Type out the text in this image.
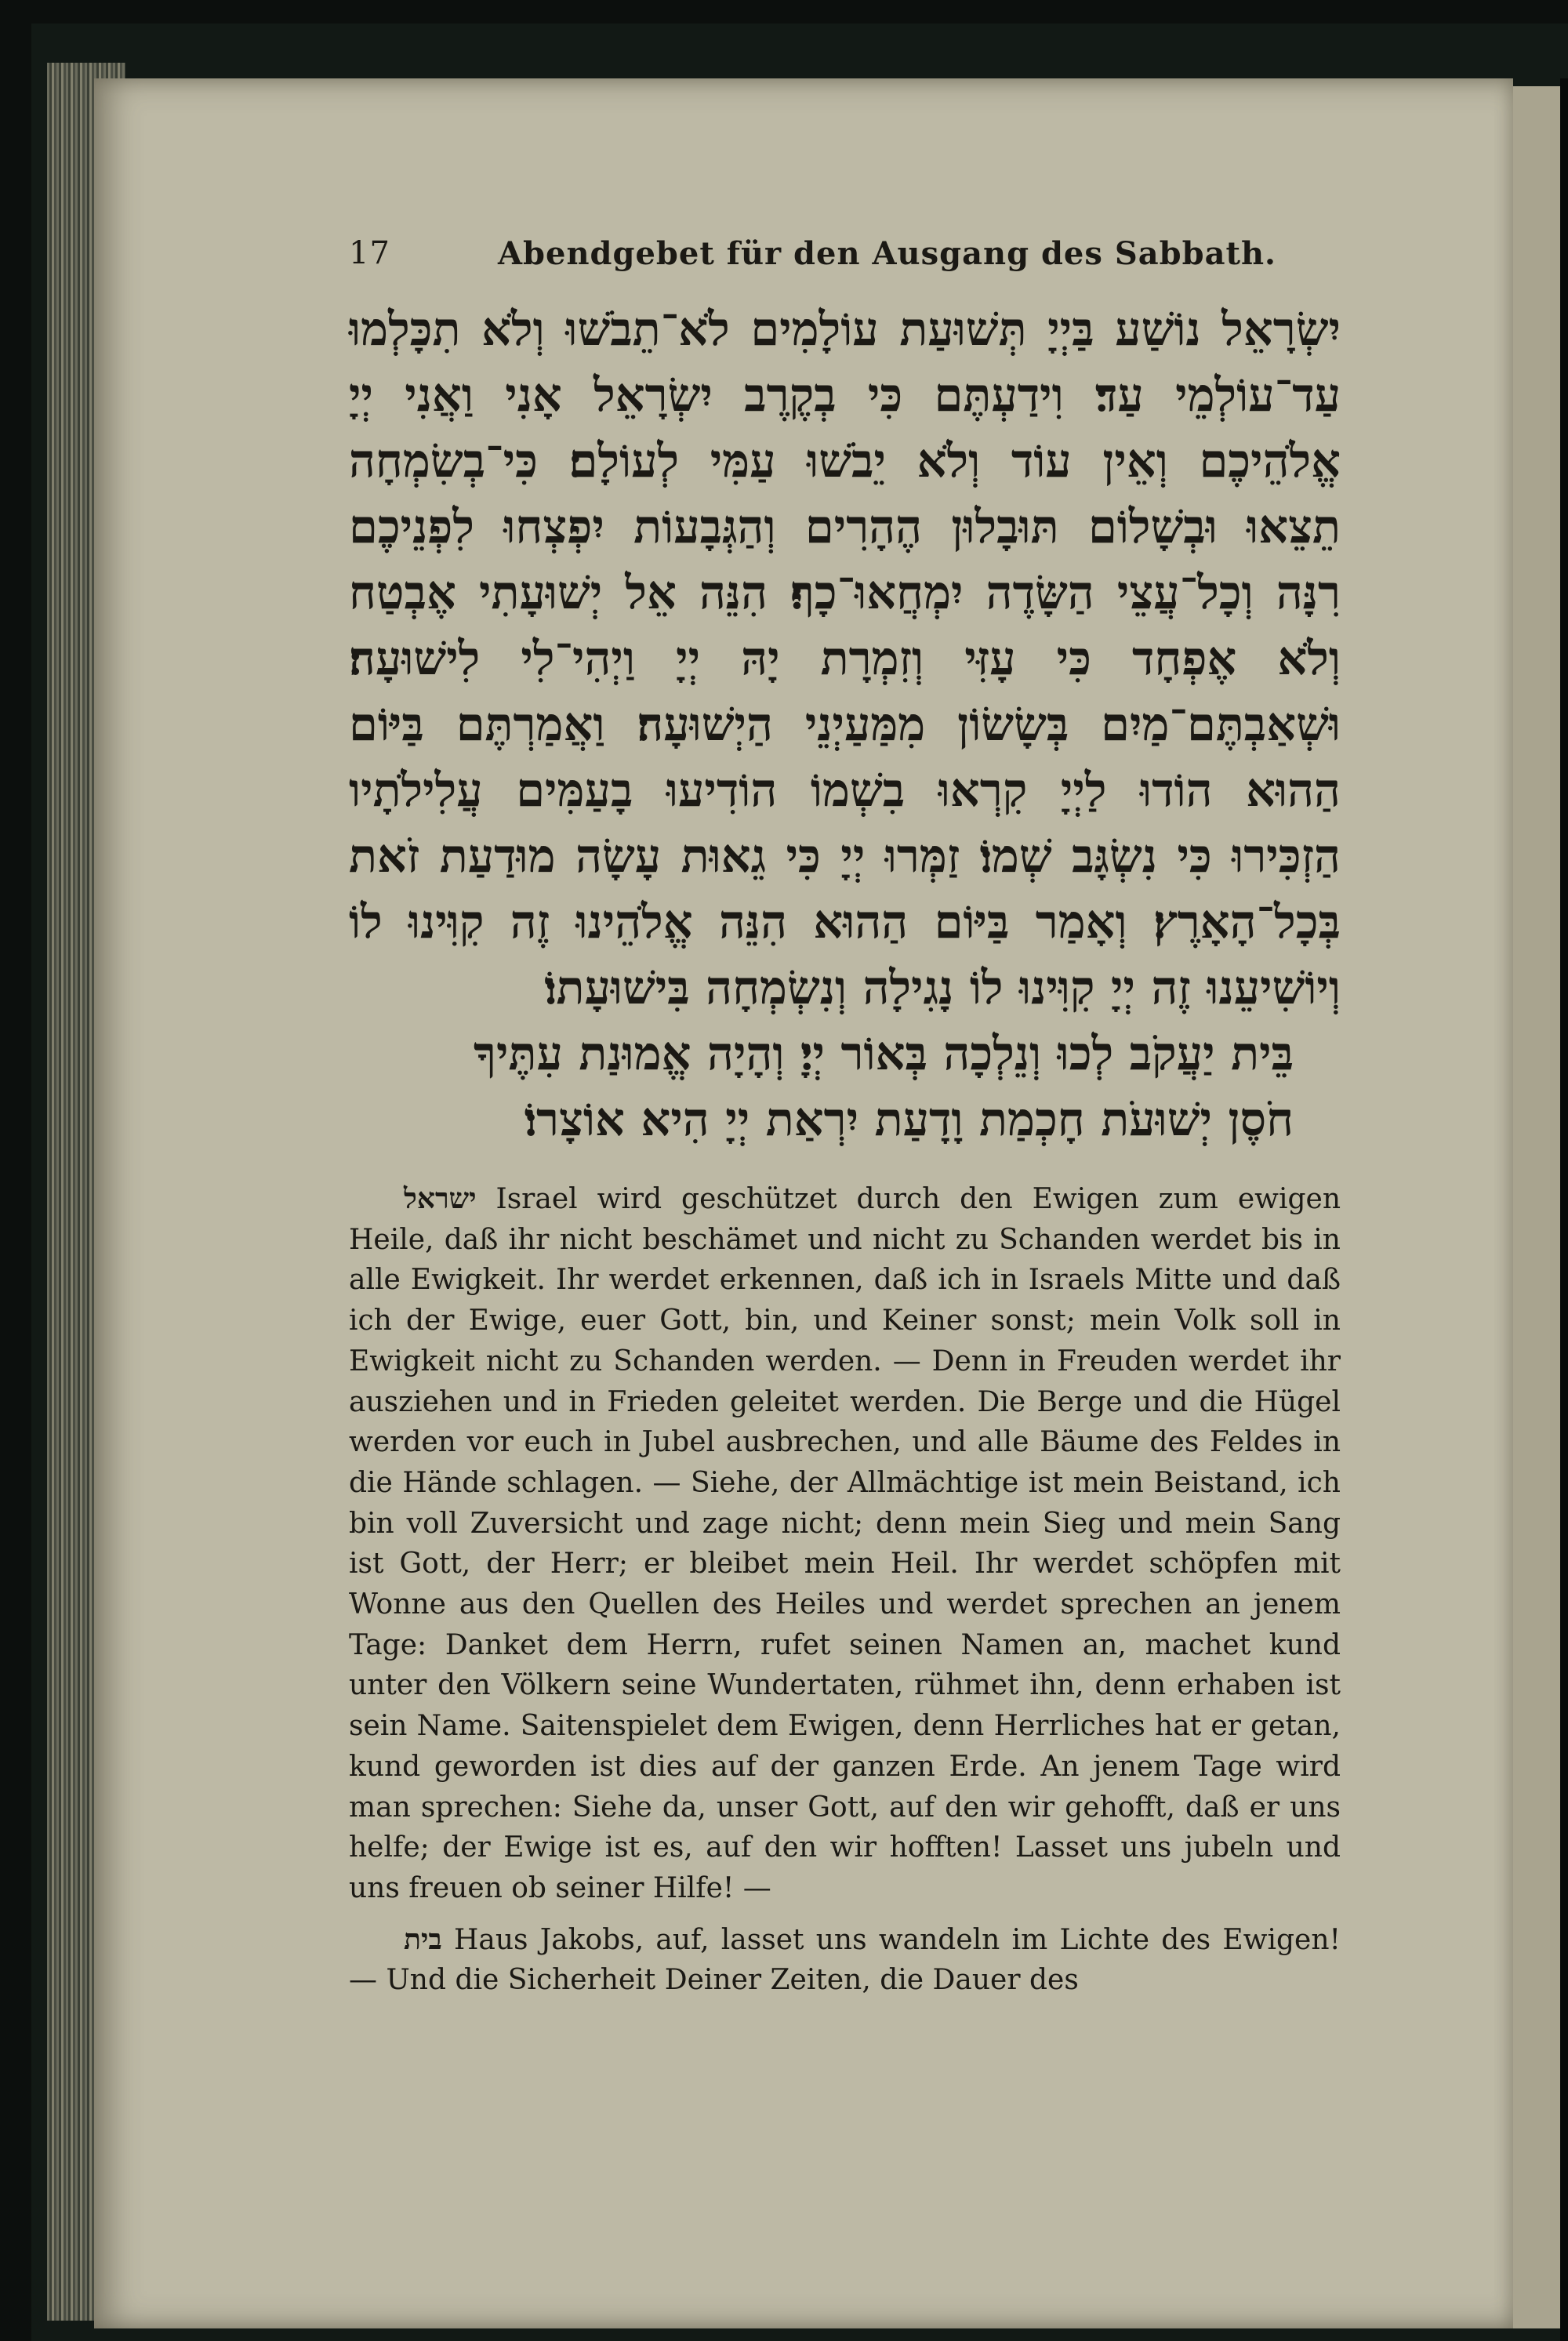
17	Abendgebet für den Ausgang des Sabbath.

יִשְׂרָאֵל נוֹשַׁע בַּיְיָ תְּשׁוּעַת עוֹלָמִים לֹא־תֵבֹשׁוּ וְלֹא תִכָּלְמוּ עַד־עוֹלְמֵי עַד׃ וִידַעְתֶּם כִּי בְקֶרֶב יִשְׂרָאֵל אָנִי וַאֲנִי יְיָ אֱלֹהֵיכֶם וְאֵין עוֹד וְלֹא יֵבֹשׁוּ עַמִּי לְעוֹלָם׃ כִּי־בְשִׂמְחָה תֵצֵאוּ וּבְשָׁלוֹם תּוּבָלוּן הֶהָרִים וְהַגְּבָעוֹת יִפְצְחוּ לִפְנֵיכֶם רִנָּה וְכָל־עֲצֵי הַשָּׂדֶה יִמְחֲאוּ־כָף׃ הִנֵּה אֵל יְשׁוּעָתִי אֶבְטַח וְלֹא אֶפְחָד כִּי עָזִּי וְזִמְרָת יָהּ יְיָ וַיְהִי־לִי לִישׁוּעָה׃ וּשְׁאַבְתֶּם־מַיִם בְּשָׂשׂוֹן מִמַּעַיְנֵי הַיְשׁוּעָה׃ וַאֲמַרְתֶּם בַּיּוֹם הַהוּא הוֹדוּ לַיְיָ קִרְאוּ בִשְׁמוֹ הוֹדִיעוּ בָעַמִּים עֲלִילֹתָיו הַזְכִּירוּ כִּי נִשְׂגָּב שְׁמוֹ׃ זַמְּרוּ יְיָ כִּי גֵאוּת עָשָׂה מוּדַעַת זֹאת בְּכָל־הָאָרֶץ׃ וְאָמַר בַּיּוֹם הַהוּא הִנֵּה אֱלֹהֵינוּ זֶה קִוִּינוּ לוֹ וְיוֹשִׁיעֵנוּ זֶה יְיָ קִוִּינוּ לוֹ נָגִילָה וְנִשְׂמְחָה בִּישׁוּעָתוֹ׃

בֵּית יַעֲקֹב לְכוּ וְנֵלְכָה בְּאוֹר יְיָ׃ וְהָיָה אֱמוּנַת עִתֶּיךָ
חֹסֶן יְשׁוּעֹת חָכְמַת וָדָעַת יִרְאַת יְיָ הִיא אוֹצָרוֹ׃

ישראל Israel wird geschützet durch den Ewigen zum ewigen Heile, daß ihr nicht beschämet und nicht zu Schanden werdet bis in alle Ewigkeit. Ihr werdet erkennen, daß ich in Israels Mitte und daß ich der Ewige, euer Gott, bin, und Keiner sonst; mein Volk soll in Ewigkeit nicht zu Schanden werden. — Denn in Freuden werdet ihr ausziehen und in Frieden geleitet werden. Die Berge und die Hügel werden vor euch in Jubel ausbrechen, und alle Bäume des Feldes in die Hände schlagen. — Siehe, der Allmächtige ist mein Beistand, ich bin voll Zuversicht und zage nicht; denn mein Sieg und mein Sang ist Gott, der Herr; er bleibet mein Heil. Ihr werdet schöpfen mit Wonne aus den Quellen des Heiles und werdet sprechen an jenem Tage: Danket dem Herrn, rufet seinen Namen an, machet kund unter den Völkern seine Wundertaten, rühmet ihn, denn erhaben ist sein Name. Saitenspielet dem Ewigen, denn Herrliches hat er getan, kund geworden ist dies auf der ganzen Erde. An jenem Tage wird man sprechen: Siehe da, unser Gott, auf den wir gehofft, daß er uns helfe; der Ewige ist es, auf den wir hofften! Lasset uns jubeln und uns freuen ob seiner Hilfe! —

בית Haus Jakobs, auf, lasset uns wandeln im Lichte des Ewigen! — Und die Sicherheit Deiner Zeiten, die Dauer des
